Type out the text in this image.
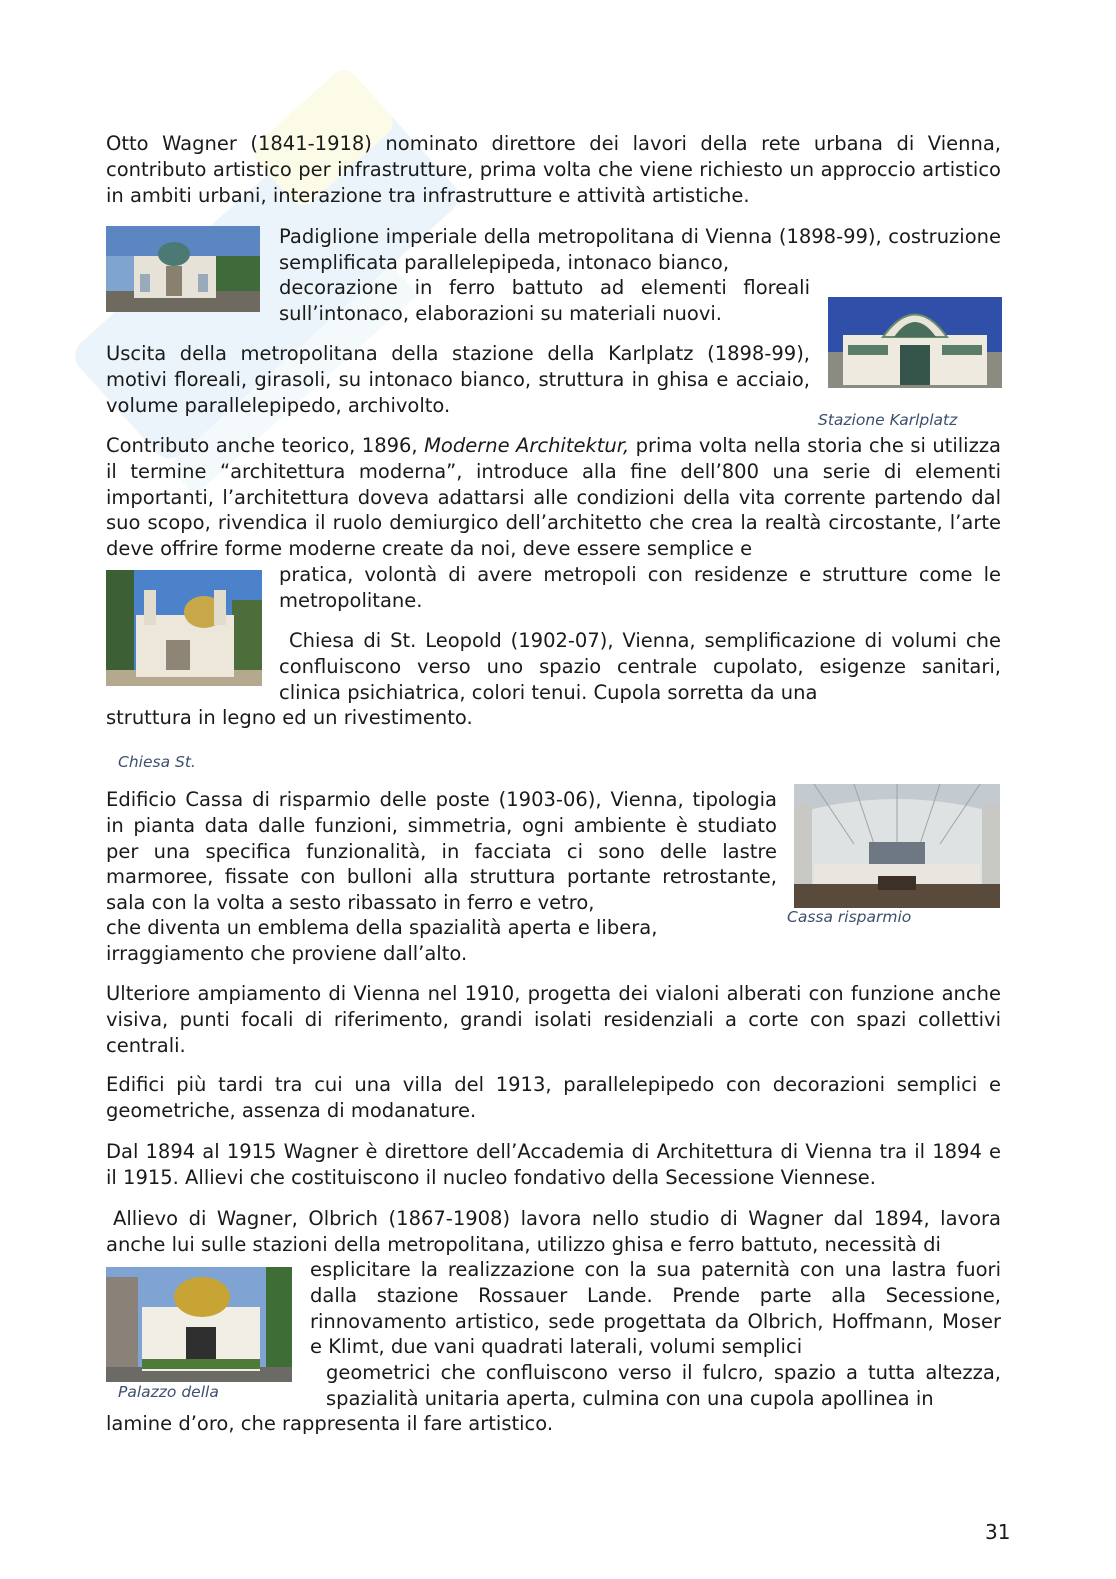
Otto Wagner (1841-1918) nominato direttore dei lavori della rete urbana di Vienna, contributo artistico per infrastrutture, prima volta che viene richiesto un approccio artistico in ambiti urbani, interazione tra infrastrutture e attività artistiche.

Padiglione imperiale della metropolitana di Vienna (1898-99), costruzione semplificata parallelepipeda, intonaco bianco,

decorazione in ferro battuto ad elementi floreali sull’intonaco, elaborazioni su materiali nuovi.

Uscita della metropolitana della stazione della Karlplatz (1898-99), motivi floreali, girasoli, su intonaco bianco, struttura in ghisa e acciaio, volume parallelepipedo, archivolto.

Stazione Karlplatz

Contributo anche teorico, 1896, Moderne Architektur, prima volta nella storia che si utilizza il termine “architettura moderna”, introduce alla fine dell’800 una serie di elementi importanti, l’architettura doveva adattarsi alle condizioni della vita corrente partendo dal suo scopo, rivendica il ruolo demiurgico dell’architetto che crea la realtà circostante, l’arte deve offrire forme moderne create da noi, deve essere semplice e

pratica, volontà di avere metropoli con residenze e strutture come le metropolitane.

Chiesa di St. Leopold (1902-07), Vienna, semplificazione di volumi che confluiscono verso uno spazio centrale cupolato, esigenze sanitari, clinica psichiatrica, colori tenui. Cupola sorretta da una

struttura in legno ed un rivestimento.

Chiesa St.

Edificio Cassa di risparmio delle poste (1903-06), Vienna, tipologia in pianta data dalle funzioni, simmetria, ogni ambiente è studiato per una specifica funzionalità, in facciata ci sono delle lastre marmoree, fissate con bulloni alla struttura portante retrostante, sala con la volta a sesto ribassato in ferro e vetro,

che diventa un emblema della spazialità aperta e libera,

irraggiamento che proviene dall’alto.

Cassa risparmio

Ulteriore ampiamento di Vienna nel 1910, progetta dei vialoni alberati con funzione anche visiva, punti focali di riferimento, grandi isolati residenziali a corte con spazi collettivi centrali.

Edifici più tardi tra cui una villa del 1913, parallelepipedo con decorazioni semplici e geometriche, assenza di modanature.

Dal 1894 al 1915 Wagner è direttore dell’Accademia di Architettura di Vienna tra il 1894 e il 1915. Allievi che costituiscono il nucleo fondativo della Secessione Viennese.

Allievo di Wagner, Olbrich (1867-1908) lavora nello studio di Wagner dal 1894, lavora anche lui sulle stazioni della metropolitana, utilizzo ghisa e ferro battuto, necessità di

esplicitare la realizzazione con la sua paternità con una lastra fuori dalla stazione Rossauer Lande. Prende parte alla Secessione, rinnovamento artistico, sede progettata da Olbrich, Hoffmann, Moser e Klimt, due vani quadrati laterali, volumi semplici

geometrici che confluiscono verso il fulcro, spazio a tutta altezza, spazialità unitaria aperta, culmina con una cupola apollinea in

lamine d’oro, che rappresenta il fare artistico.

Palazzo della
31
